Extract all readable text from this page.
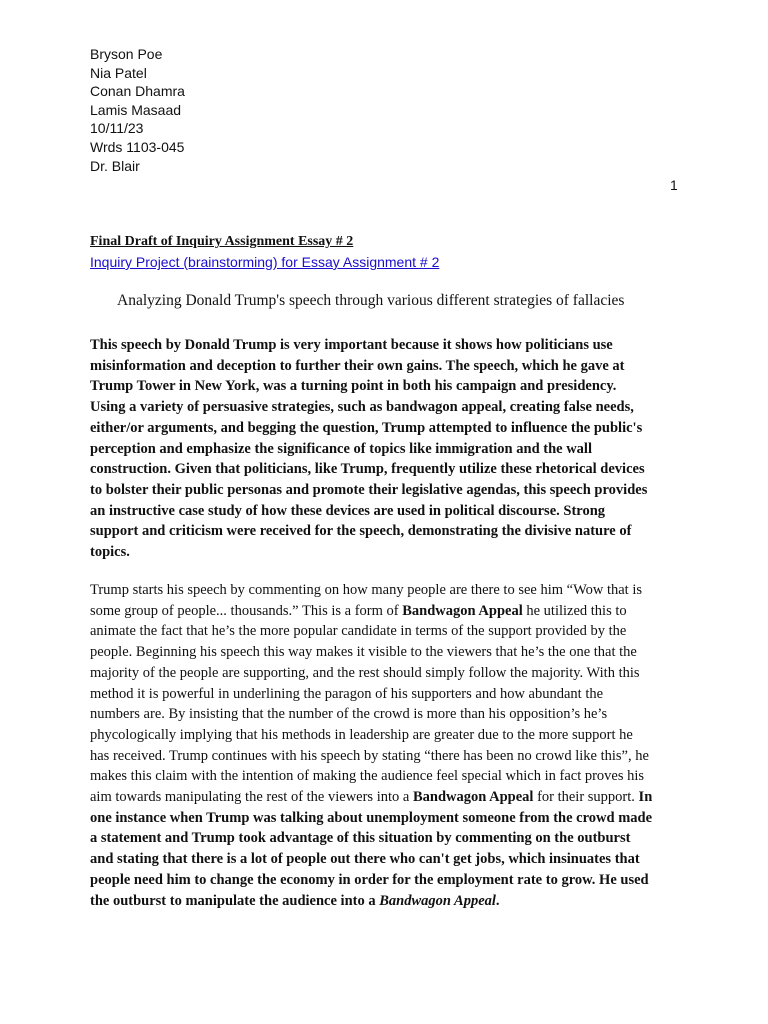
Bryson Poe
Nia Patel
Conan Dhamra
Lamis Masaad
10/11/23
Wrds 1103-045
Dr. Blair
1
Final Draft of Inquiry Assignment Essay # 2
Inquiry Project (brainstorming) for Essay Assignment # 2
Analyzing Donald Trump's speech through various different strategies of fallacies
This speech by Donald Trump is very important because it shows how politicians use
misinformation and deception to further their own gains. The speech, which he gave at
Trump Tower in New York, was a turning point in both his campaign and presidency.
Using a variety of persuasive strategies, such as bandwagon appeal, creating false needs,
either/or arguments, and begging the question, Trump attempted to influence the public's
perception and emphasize the significance of topics like immigration and the wall
construction. Given that politicians, like Trump, frequently utilize these rhetorical devices
to bolster their public personas and promote their legislative agendas, this speech provides
an instructive case study of how these devices are used in political discourse. Strong
support and criticism were received for the speech, demonstrating the divisive nature of
topics.
Trump starts his speech by commenting on how many people are there to see him “Wow that is
some group of people... thousands.” This is a form of Bandwagon Appeal he utilized this to
animate the fact that he’s the more popular candidate in terms of the support provided by the
people. Beginning his speech this way makes it visible to the viewers that he’s the one that the
majority of the people are supporting, and the rest should simply follow the majority. With this
method it is powerful in underlining the paragon of his supporters and how abundant the
numbers are. By insisting that the number of the crowd is more than his opposition’s he’s
phycologically implying that his methods in leadership are greater due to the more support he
has received. Trump continues with his speech by stating “there has been no crowd like this”, he
makes this claim with the intention of making the audience feel special which in fact proves his
aim towards manipulating the rest of the viewers into a Bandwagon Appeal for their support. In
one instance when Trump was talking about unemployment someone from the crowd made
a statement and Trump took advantage of this situation by commenting on the outburst
and stating that there is a lot of people out there who can't get jobs, which insinuates that
people need him to change the economy in order for the employment rate to grow. He used
the outburst to manipulate the audience into a Bandwagon Appeal.
